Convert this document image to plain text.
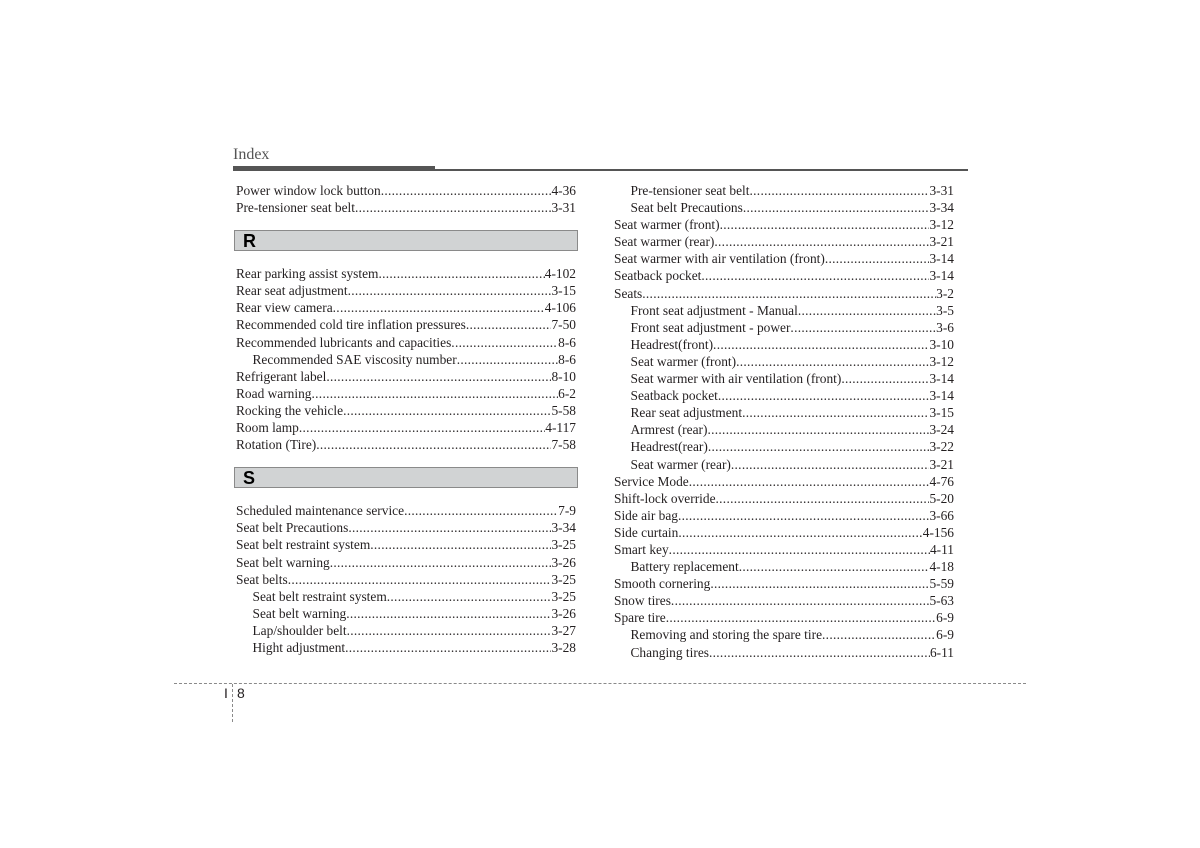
Index
Power window lock button .....	4-36
Pre-tensioner seat belt .....	3-31
R
Rear parking assist system .....	4-102
Rear seat adjustment .....	3-15
Rear view camera .....	4-106
Recommended cold tire inflation pressures .....	7-50
Recommended lubricants and capacities .....	8-6
Recommended SAE viscosity number .....	8-6
Refrigerant label .....	8-10
Road warning .....	6-2
Rocking the vehicle .....	5-58
Room lamp .....	4-117
Rotation (Tire) .....	7-58
S
Scheduled maintenance service .....	7-9
Seat belt Precautions .....	3-34
Seat belt restraint system .....	3-25
Seat belt warning .....	3-26
Seat belts .....	3-25
Seat belt restraint system .....	3-25
Seat belt warning .....	3-26
Lap/shoulder belt .....	3-27
Hight adjustment .....	3-28
Pre-tensioner seat belt .....	3-31
Seat belt Precautions .....	3-34
Seat warmer (front) .....	3-12
Seat warmer (rear) .....	3-21
Seat warmer with air ventilation (front) .....	3-14
Seatback pocket .....	3-14
Seats .....	3-2
Front seat adjustment - Manual .....	3-5
Front seat adjustment - power .....	3-6
Headrest(front) .....	3-10
Seat warmer (front) .....	3-12
Seat warmer with air ventilation (front) .....	3-14
Seatback pocket .....	3-14
Rear seat adjustment .....	3-15
Armrest (rear) .....	3-24
Headrest(rear) .....	3-22
Seat warmer (rear) .....	3-21
Service Mode .....	4-76
Shift-lock override .....	5-20
Side air bag .....	3-66
Side curtain .....	4-156
Smart key .....	4-11
Battery replacement .....	4-18
Smooth cornering .....	5-59
Snow tires .....	5-63
Spare tire .....	6-9
Removing and storing the spare tire .....	6-9
Changing tires .....	6-11
I 8
